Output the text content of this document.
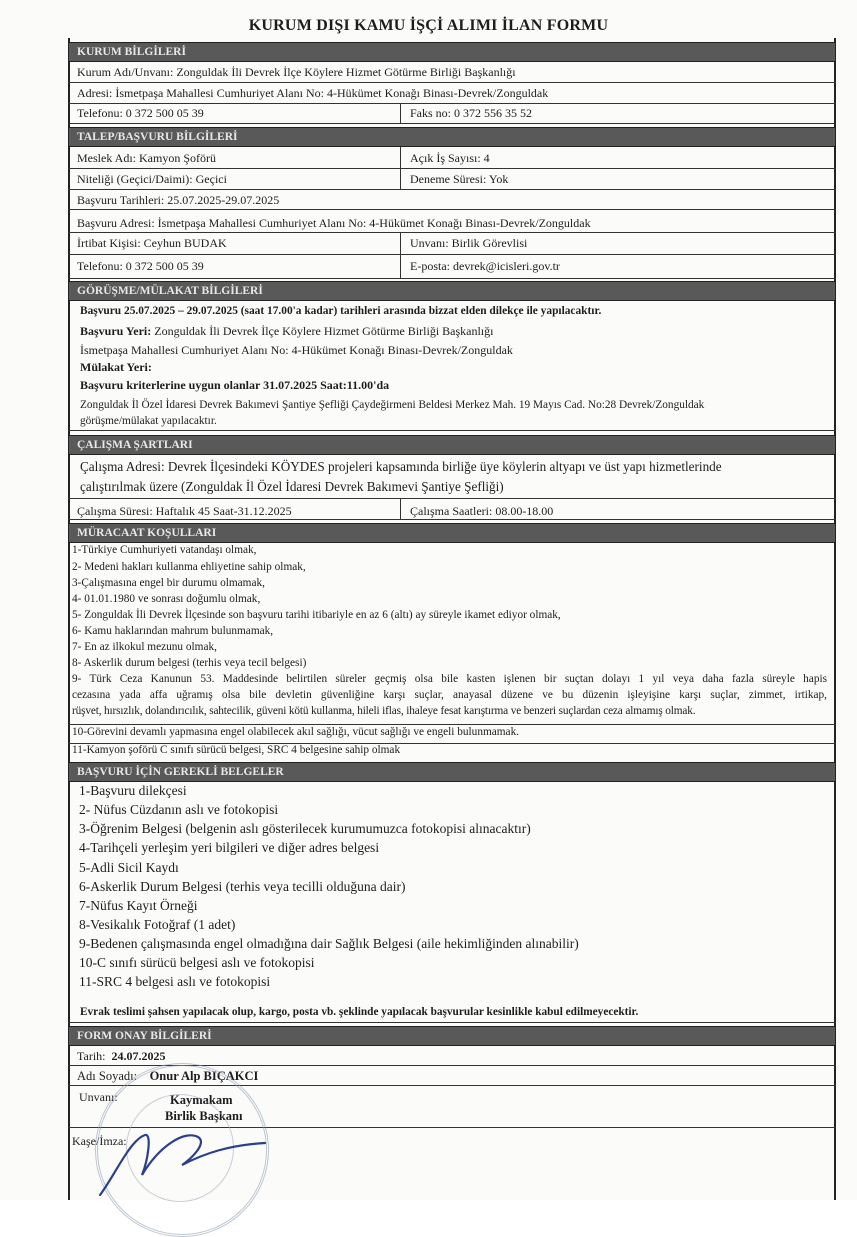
KURUM DIŞI KAMU İŞÇİ ALIMI İLAN FORMU
KURUM BİLGİLERİ
Kurum Adı/Unvanı: Zonguldak İli Devrek İlçe Köylere Hizmet Götürme Birliği Başkanlığı
Adresi: İsmetpaşa Mahallesi Cumhuriyet Alanı No: 4-Hükümet Konağı Binası-Devrek/Zonguldak
Telefonu: 0 372 500 05 39	Faks no: 0 372 556 35 52
TALEP/BAŞVURU BİLGİLERİ
Meslek Adı: Kamyon Şoförü	Açık İş Sayısı: 4
Niteliği (Geçici/Daimi): Geçici	Deneme Süresi: Yok
Başvuru Tarihleri: 25.07.2025-29.07.2025
Başvuru Adresi: İsmetpaşa Mahallesi Cumhuriyet Alanı No: 4-Hükümet Konağı Binası-Devrek/Zonguldak
İrtibat Kişisi: Ceyhun BUDAK	Unvanı: Birlik Görevlisi
Telefonu: 0 372 500 05 39	E-posta: devrek@icisleri.gov.tr
GÖRÜŞME/MÜLAKAT BİLGİLERİ
Başvuru 25.07.2025 – 29.07.2025 (saat 17.00'a kadar) tarihleri arasında bizzat elden dilekçe ile yapılacaktır.
Başvuru Yeri: Zonguldak İli Devrek İlçe Köylere Hizmet Götürme Birliği Başkanlığı
İsmetpaşa Mahallesi Cumhuriyet Alanı No: 4-Hükümet Konağı Binası-Devrek/Zonguldak
Mülakat Yeri:
Başvuru kriterlerine uygun olanlar 31.07.2025 Saat:11.00'da
Zonguldak İl Özel İdaresi Devrek Bakımevi Şantiye Şefliği Çaydeğirmeni Beldesi Merkez Mah. 19 Mayıs Cad. No:28 Devrek/Zonguldak
görüşme/mülakat yapılacaktır.
ÇALIŞMA ŞARTLARI
Çalışma Adresi: Devrek İlçesindeki KÖYDES projeleri kapsamında birliğe üye köylerin altyapı ve üst yapı hizmetlerinde
çalıştırılmak üzere (Zonguldak İl Özel İdaresi Devrek Bakımevi Şantiye Şefliği)
Çalışma Süresi: Haftalık 45 Saat-31.12.2025	Çalışma Saatleri: 08.00-18.00
MÜRACAAT KOŞULLARI
1-Türkiye Cumhuriyeti vatandaşı olmak,
2- Medeni hakları kullanma ehliyetine sahip olmak,
3-Çalışmasına engel bir durumu olmamak,
4- 01.01.1980 ve sonrası doğumlu olmak,
5- Zonguldak İli Devrek İlçesinde son başvuru tarihi itibariyle en az 6 (altı) ay süreyle ikamet ediyor olmak,
6- Kamu haklarından mahrum bulunmamak,
7- En az ilkokul mezunu olmak,
8- Askerlik durum belgesi (terhis veya tecil belgesi)
9- Türk Ceza Kanunun 53. Maddesinde belirtilen süreler geçmiş olsa bile kasten işlenen bir suçtan dolayı 1 yıl veya daha fazla süreyle hapis
cezasına yada affa uğramış olsa bile devletin güvenliğine karşı suçlar, anayasal düzene ve bu düzenin işleyişine karşı suçlar, zimmet, irtikap,
rüşvet, hırsızlık, dolandırıcılık, sahtecilik, güveni kötü kullanma, hileli iflas, ihaleye fesat karıştırma ve benzeri suçlardan ceza almamış olmak.
10-Görevini devamlı yapmasına engel olabilecek akıl sağlığı, vücut sağlığı ve engeli bulunmamak.
11-Kamyon şoförü C sınıfı sürücü belgesi, SRC 4 belgesine sahip olmak
BAŞVURU İÇİN GEREKLİ BELGELER
1-Başvuru dilekçesi
2- Nüfus Cüzdanın aslı ve fotokopisi
3-Öğrenim Belgesi (belgenin aslı gösterilecek kurumumuzca fotokopisi alınacaktır)
4-Tarihçeli yerleşim yeri bilgileri ve diğer adres belgesi
5-Adli Sicil Kaydı
6-Askerlik Durum Belgesi (terhis veya tecilli olduğuna dair)
7-Nüfus Kayıt Örneği
8-Vesikalık Fotoğraf (1 adet)
9-Bedenen çalışmasında engel olmadığına dair Sağlık Belgesi (aile hekimliğinden alınabilir)
10-C sınıfı sürücü belgesi aslı ve fotokopisi
11-SRC 4 belgesi aslı ve fotokopisi
Evrak teslimi şahsen yapılacak olup, kargo, posta vb. şeklinde yapılacak başvurular kesinlikle kabul edilmeyecektir.
FORM ONAY BİLGİLERİ
Tarih: 24.07.2025
Adı Soyadı: Onur Alp BIÇAKCI
Unvanı:	Kaymakam
Birlik Başkanı
Kaşe/İmza:
